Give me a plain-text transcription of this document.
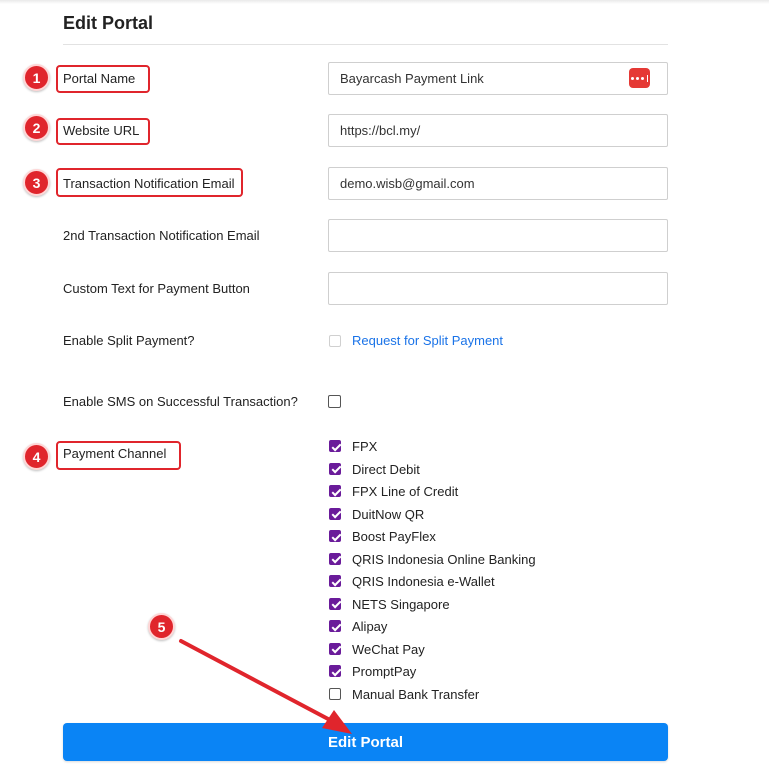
Edit Portal
Portal Name
Bayarcash Payment Link
Website URL
https://bcl.my/
Transaction Notification Email
demo.wisb@gmail.com
2nd Transaction Notification Email
Custom Text for Payment Button
Enable Split Payment?	Request for Split Payment
Enable SMS on Successful Transaction?
Payment Channel	FPX
Direct Debit
FPX Line of Credit
DuitNow QR
Boost PayFlex
QRIS Indonesia Online Banking
QRIS Indonesia e-Wallet
NETS Singapore
Alipay
WeChat Pay
PromptPay
Manual Bank Transfer
1
2
3
4
5
Edit Portal
